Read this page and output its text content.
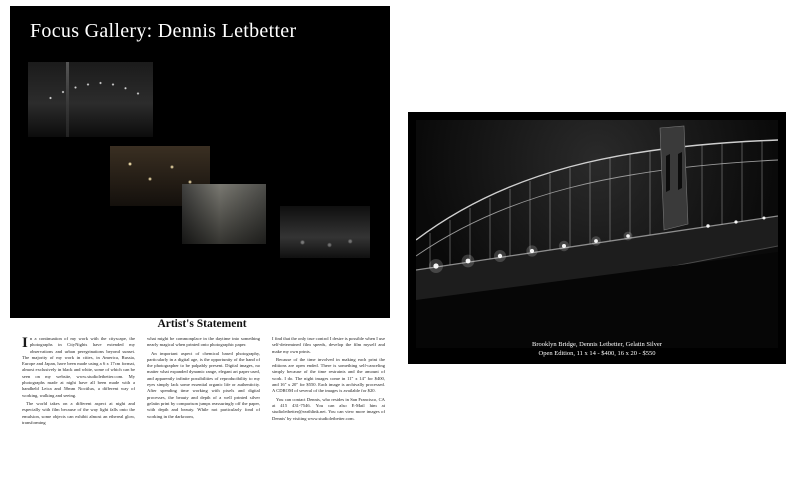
Focus Gallery: Dennis Letbetter
Brooklyn Bridge, Dennis Letbetter, Gelatin Silver
Open Edition, 11 x 14 - $400, 16 x 20 - $550
Artist's Statement

In a continuation of my work with the cityscape, the photographs in CityNights have extended my observations and urban peregrinations beyond sunset. The majority of my work in cities, in America, Russia, Europe and Japan, have been made using a 6 x 17cm format, almost exclusively in black and white, some of which can be seen on my website, www.studioletbetter.com. My photographs made at night have all been made with a handheld Leica and 50mm Noctilux, a different way of working, walking and seeing.

The world takes on a different aspect at night and especially with film because of the way light falls onto the emulsion, some objects can exhibit almost an ethereal glow, transforming

what might be commonplace in the daytime into something nearly magical when printed onto photographic paper.

An important aspect of chemical based photography, particularly in a digital age, is the opportunity of the hand of the photographer to be palpably present. Digital images, no matter what expanded dynamic range, elegant art paper used, and apparently infinite possibilities of reproducibility to my eyes simply lack some essential organic life or authenticity. After spending time working with pixels and digital processes, the beauty and depth of a well printed silver gelatin print by comparison jumps reassuringly off the paper, with depth and beauty. While not particularly fond of working in the darkroom,

I find that the only true control I desire is possible when I use self-determined film speeds, develop the film myself and make my own prints.

Because of the time involved in making each print the editions are open ended. There is something self-canceling simply because of the time restraints and the amount of work. I do. The night images come in 11" x 14" for $400, and 16" x 20" for $550. Each image is archivally processed. A CDROM of several of the images is available for $20.

You can contact Dennis, who resides in San Francisco, CA at 415 431-7546. You can also E-Mail him at studioletbetter@earthlink.net. You can view more images of Dennis' by visiting www.studioletbetter.com.
